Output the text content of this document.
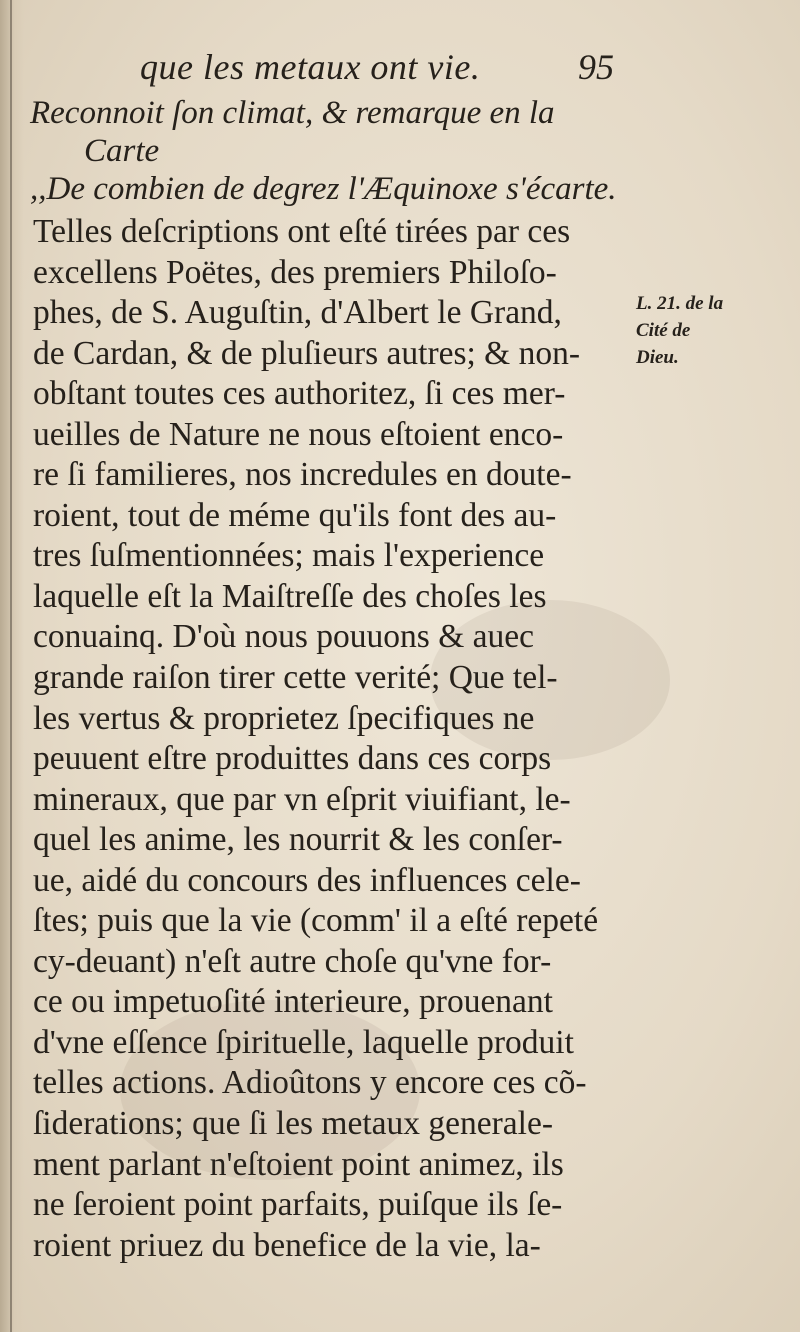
que les metaux ont vie.	95
Reconnoit ſon climat, & remarque en la
Carte
,,De combien de degrez l'Æquinoxe s'écarte.
Telles deſcriptions ont eſté tirées par ces
excellens Poëtes, des premiers Philoſo-
phes, de S. Auguſtin, d'Albert le Grand,
de Cardan, & de pluſieurs autres; & non-
obſtant toutes ces authoritez, ſi ces mer-
ueilles de Nature ne nous eſtoient enco-
re ſi familieres, nos incredules en doute-
roient, tout de méme qu'ils font des au-
tres ſuſmentionnées; mais l'experience
laquelle eſt la Maiſtreſſe des choſes les
conuainq. D'où nous pouuons & auec
grande raiſon tirer cette verité; Que tel-
les vertus & proprietez ſpecifiques ne
peuuent eſtre produittes dans ces corps
mineraux, que par vn eſprit viuifiant, le-
quel les anime, les nourrit & les conſer-
ue, aidé du concours des influences cele-
ſtes; puis que la vie (comm' il a eſté repeté
cy-deuant) n'eſt autre choſe qu'vne for-
ce ou impetuoſité interieure, prouenant
d'vne eſſence ſpirituelle, laquelle produit
telles actions. Adioûtons y encore ces cõ-
ſiderations; que ſi les metaux generale-
ment parlant n'eſtoient point animez, ils
ne ſeroient point parfaits, puiſque ils ſe-
roient priuez du benefice de la vie, la-
L. 21. de la
Cité de
Dieu.
